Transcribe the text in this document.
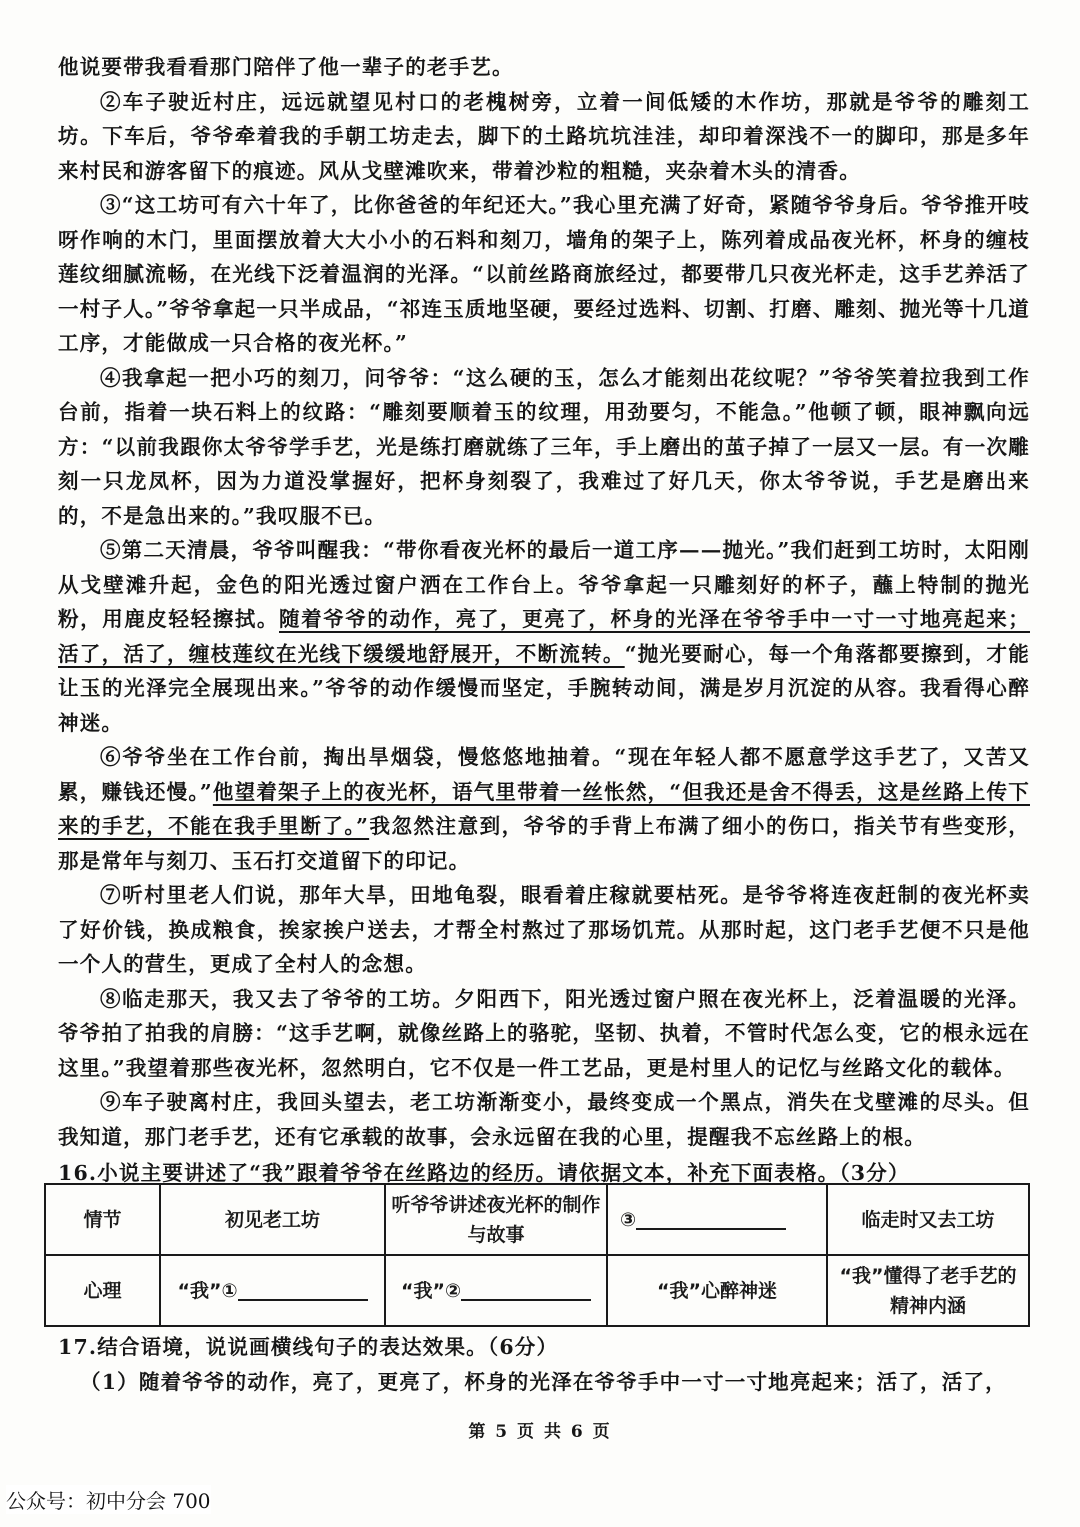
他说要带我看看那门陪伴了他一辈子的老手艺。

②车子驶近村庄，远远就望见村口的老槐树旁，立着一间低矮的木作坊，那就是爷爷的雕刻工坊。下车后，爷爷牵着我的手朝工坊走去，脚下的土路坑坑洼洼，却印着深浅不一的脚印，那是多年来村民和游客留下的痕迹。风从戈壁滩吹来，带着沙粒的粗糙，夹杂着木头的清香。

③“这工坊可有六十年了，比你爸爸的年纪还大。”我心里充满了好奇，紧随爷爷身后。爷爷推开吱呀作响的木门，里面摆放着大大小小的石料和刻刀，墙角的架子上，陈列着成品夜光杯，杯身的缠枝莲纹细腻流畅，在光线下泛着温润的光泽。“以前丝路商旅经过，都要带几只夜光杯走，这手艺养活了一村子人。”爷爷拿起一只半成品，“祁连玉质地坚硬，要经过选料、切割、打磨、雕刻、抛光等十几道工序，才能做成一只合格的夜光杯。”

④我拿起一把小巧的刻刀，问爷爷：“这么硬的玉，怎么才能刻出花纹呢？”爷爷笑着拉我到工作台前，指着一块石料上的纹路：“雕刻要顺着玉的纹理，用劲要匀，不能急。”他顿了顿，眼神飘向远方：“以前我跟你太爷爷学手艺，光是练打磨就练了三年，手上磨出的茧子掉了一层又一层。有一次雕刻一只龙凤杯，因为力道没掌握好，把杯身刻裂了，我难过了好几天，你太爷爷说，手艺是磨出来的，不是急出来的。”我叹服不已。

⑤第二天清晨，爷爷叫醒我：“带你看夜光杯的最后一道工序——抛光。”我们赶到工坊时，太阳刚从戈壁滩升起，金色的阳光透过窗户洒在工作台上。爷爷拿起一只雕刻好的杯子，蘸上特制的抛光粉，用鹿皮轻轻擦拭。随着爷爷的动作，亮了，更亮了，杯身的光泽在爷爷手中一寸一寸地亮起来；活了，活了，缠枝莲纹在光线下缓缓地舒展开，不断流转。“抛光要耐心，每一个角落都要擦到，才能让玉的光泽完全展现出来。”爷爷的动作缓慢而坚定，手腕转动间，满是岁月沉淀的从容。我看得心醉神迷。

⑥爷爷坐在工作台前，掏出旱烟袋，慢悠悠地抽着。“现在年轻人都不愿意学这手艺了，又苦又累，赚钱还慢。”他望着架子上的夜光杯，语气里带着一丝怅然，“但我还是舍不得丢，这是丝路上传下来的手艺，不能在我手里断了。”我忽然注意到，爷爷的手背上布满了细小的伤口，指关节有些变形，那是常年与刻刀、玉石打交道留下的印记。

⑦听村里老人们说，那年大旱，田地龟裂，眼看着庄稼就要枯死。是爷爷将连夜赶制的夜光杯卖了好价钱，换成粮食，挨家挨户送去，才帮全村熬过了那场饥荒。从那时起，这门老手艺便不只是他一个人的营生，更成了全村人的念想。

⑧临走那天，我又去了爷爷的工坊。夕阳西下，阳光透过窗户照在夜光杯上，泛着温暖的光泽。爷爷拍了拍我的肩膀：“这手艺啊，就像丝路上的骆驼，坚韧、执着，不管时代怎么变，它的根永远在这里。”我望着那些夜光杯，忽然明白，它不仅是一件工艺品，更是村里人的记忆与丝路文化的载体。

⑨车子驶离村庄，我回头望去，老工坊渐渐变小，最终变成一个黑点，消失在戈壁滩的尽头。但我知道，那门老手艺，还有它承载的故事，会永远留在我的心里，提醒我不忘丝路上的根。

16.小说主要讲述了“我”跟着爷爷在丝路边的经历。请依据文本，补充下面表格。（3分）

情节	初见老工坊	听爷爷讲述夜光杯的制作与故事	③	临走时又去工坊
心理	“我”①	“我”②	“我”心醉神迷	“我”懂得了老手艺的精神内涵

17.结合语境，说说画横线句子的表达效果。（6分）

（1）随着爷爷的动作，亮了，更亮了，杯身的光泽在爷爷手中一寸一寸地亮起来；活了，活了，

第 5 页 共 6 页
公众号：初中分会 700
